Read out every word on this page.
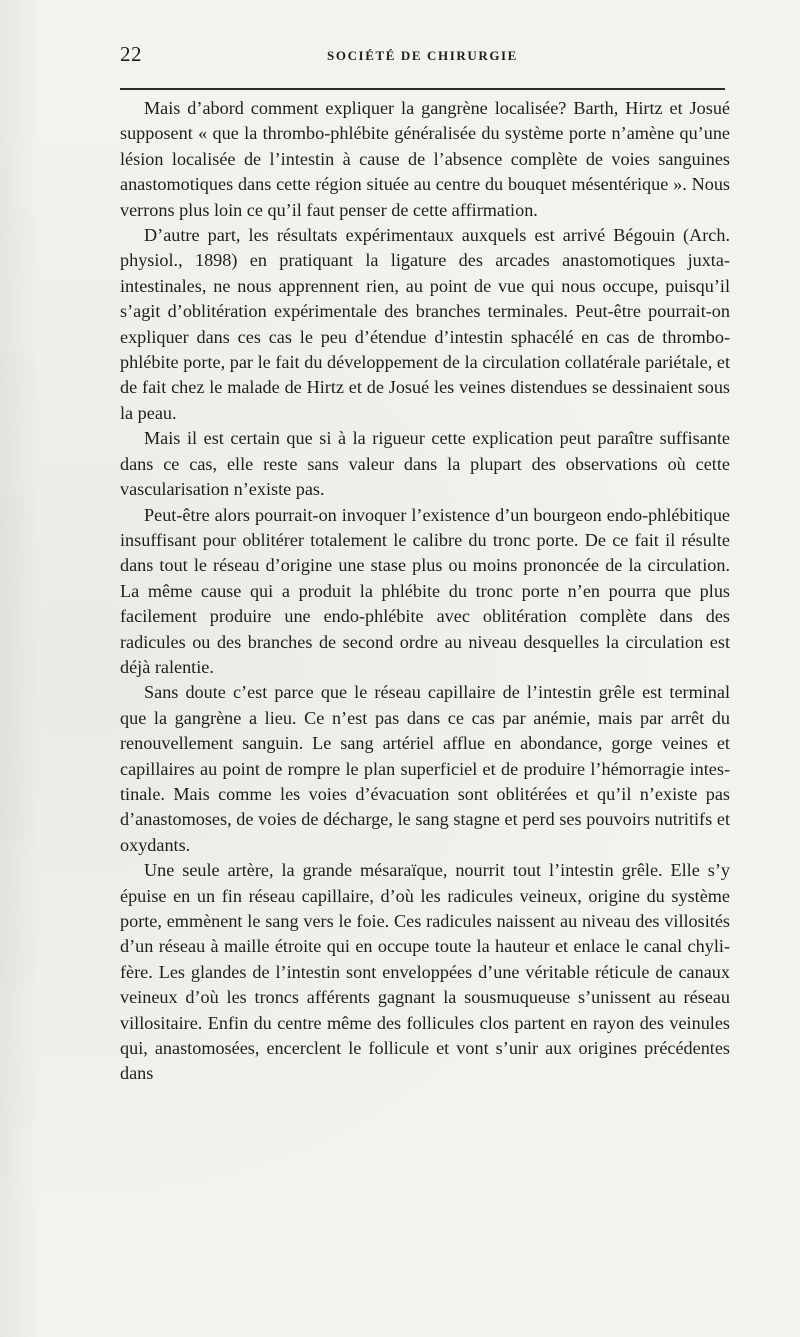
22	SOCIÉTÉ DE CHIRURGIE

Mais d’abord comment expliquer la gangrène localisée? Barth, Hirtz et Josué supposent « que la thrombo-phlébite généralisée du système porte n’amène qu’une lésion localisée de l’intestin à cause de l’absence complète de voies sanguines anastomotiques dans cette région située au centre du bouquet mésentérique ». Nous verrons plus loin ce qu’il faut penser de cette affirmation.

D’autre part, les résultats expérimentaux auxquels est arrivé Bégouin (Arch. physiol., 1898) en pratiquant la ligature des arcades anastomotiques juxta-intestinales, ne nous apprennent rien, au point de vue qui nous occupe, puisqu’il s’agit d’oblitération expérimentale des branches terminales. Peut-être pourrait-on expliquer dans ces cas le peu d’étendue d’intestin sphacélé en cas de thrombo-phlébite porte, par le fait du développement de la circulation collatérale pariétale, et de fait chez le malade de Hirtz et de Josué les veines distendues se dessinaient sous la peau.

Mais il est certain que si à la rigueur cette explication peut paraître suffisante dans ce cas, elle reste sans valeur dans la plupart des observations où cette vascularisation n’existe pas.

Peut-être alors pourrait-on invoquer l’existence d’un bourgeon endo-phlébitique insuffisant pour oblitérer totalement le calibre du tronc porte. De ce fait il résulte dans tout le réseau d’origine une stase plus ou moins prononcée de la circulation. La même cause qui a produit la phlébite du tronc porte n’en pourra que plus facilement produire une endo-phlébite avec oblitération complète dans des radicules ou des branches de second ordre au niveau desquelles la circulation est déjà ralentie.

Sans doute c’est parce que le réseau capillaire de l’intestin grêle est terminal que la gangrène a lieu. Ce n’est pas dans ce cas par anémie, mais par arrêt du renouvellement sanguin. Le sang artériel afflue en abondance, gorge veines et capillaires au point de rompre le plan superficiel et de produire l’hémorragie intestinale. Mais comme les voies d’évacuation sont oblitérées et qu’il n’existe pas d’anastomoses, de voies de décharge, le sang stagne et perd ses pouvoirs nutritifs et oxydants.

Une seule artère, la grande mésaraïque, nourrit tout l’intestin grêle. Elle s’y épuise en un fin réseau capillaire, d’où les radicules veineux, origine du système porte, emmènent le sang vers le foie. Ces radicules naissent au niveau des villosités d’un réseau à maille étroite qui en occupe toute la hauteur et enlace le canal chylifère. Les glandes de l’intestin sont enveloppées d’une véritable réticule de canaux veineux d’où les troncs afférents gagnant la sousmuqueuse s’unissent au réseau villositaire. Enfin du centre même des follicules clos partent en rayon des veinules qui, anastomosées, encerclent le follicule et vont s’unir aux origines précédentes dans
